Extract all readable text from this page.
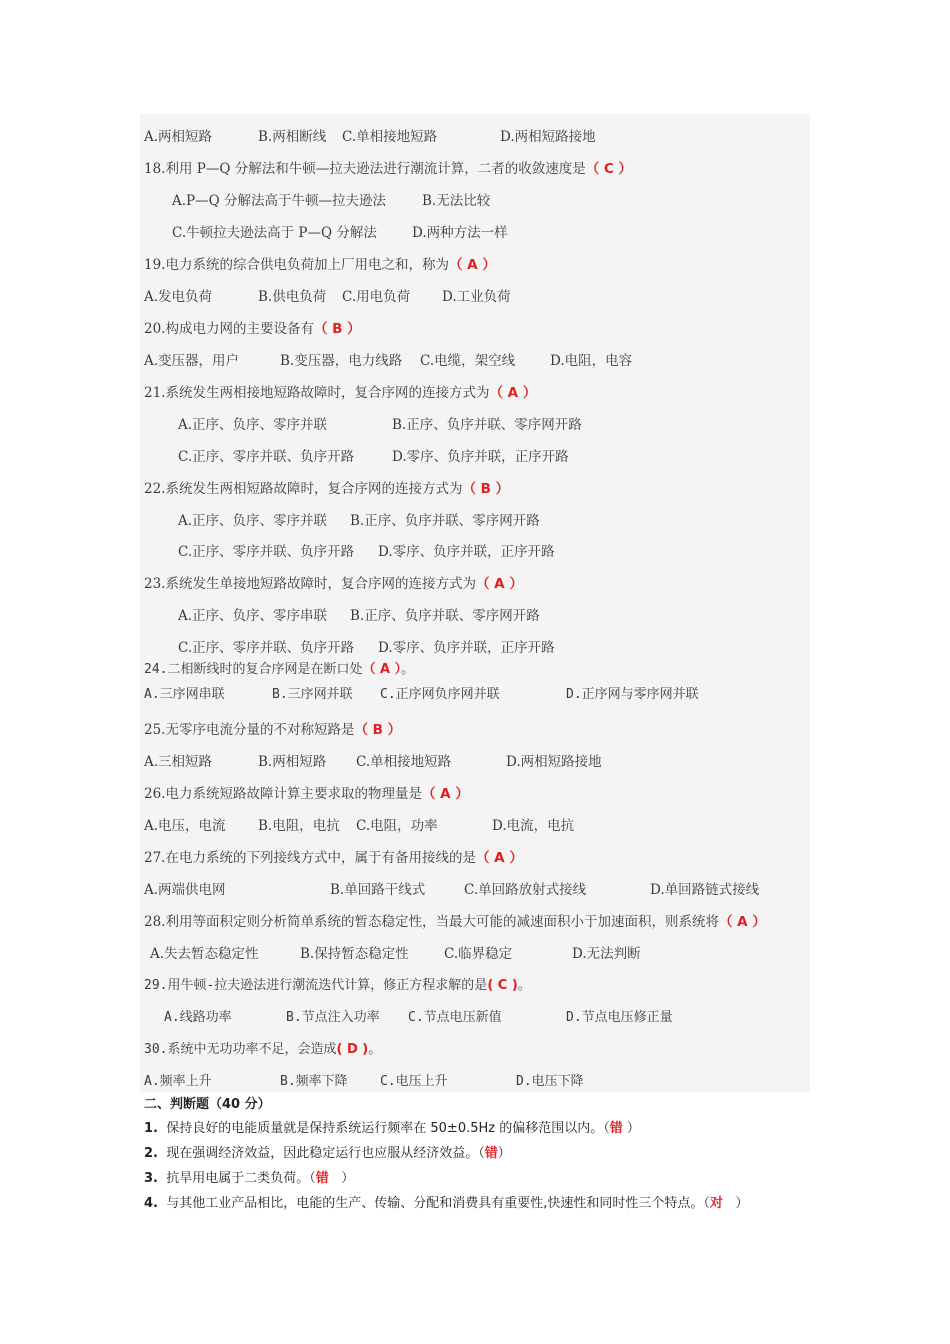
A.两相短路	B.两相断线 C.单相接地短路	D.两相短路接地
18.利用 P—Q 分解法和牛顿—拉夫逊法进行潮流计算，二者的收敛速度是（ C ）
A.P—Q 分解法高于牛顿—拉夫逊法	B.无法比较
C.牛顿拉夫逊法高于 P—Q 分解法	D.两种方法一样
19.电力系统的综合供电负荷加上厂用电之和，称为（ A ）
A.发电负荷	B.供电负荷 C.用电负荷 D.工业负荷
20.构成电力网的主要设备有（ B ）
A.变压器，用户	B.变压器，电力线路 C.电缆，架空线	D.电阻，电容
21.系统发生两相接地短路故障时，复合序网的连接方式为（ A ）
A.正序、负序、零序并联	B.正序、负序并联、零序网开路
C.正序、零序并联、负序开路	D.零序、负序并联，正序开路
22.系统发生两相短路故障时，复合序网的连接方式为（ B ）
A.正序、负序、零序并联 B.正序、负序并联、零序网开路
C.正序、零序并联、负序开路 D.零序、负序并联，正序开路
23.系统发生单接地短路故障时，复合序网的连接方式为（ A ）
A.正序、负序、零序串联 B.正序、负序并联、零序网开路
C.正序、零序并联、负序开路 D.零序、负序并联，正序开路
24.二相断线时的复合序网是在断口处（ A ）。
A.三序网串联	B.三序网并联 C.正序网负序网并联	D.正序网与零序网并联
25.无零序电流分量的不对称短路是（ B ）
A.三相短路	B.两相短路 C.单相接地短路	D.两相短路接地
26.电力系统短路故障计算主要求取的物理量是（ A ）
A.电压，电流 B.电阻，电抗 C.电阻，功率	D.电流，电抗
27.在电力系统的下列接线方式中，属于有备用接线的是（ A ）
A.两端供电网	B.单回路干线式	C.单回路放射式接线	D.单回路链式接线
28.利用等面积定则分析简单系统的暂态稳定性，当最大可能的减速面积小于加速面积，则系统将（ A ）
A.失去暂态稳定性	B.保持暂态稳定性	C.临界稳定	D.无法判断
29.用牛顿-拉夫逊法进行潮流迭代计算，修正方程求解的是( C )。
A.线路功率	B.节点注入功率 C.节点电压新值	D.节点电压修正量
30.系统中无功功率不足，会造成( D )。
A.频率上升	B.频率下降 C.电压上升	D.电压下降
二、判断题（40 分）
1. 保持良好的电能质量就是保持系统运行频率在 50±0.5Hz 的偏移范围以内。（错 ）
2. 现在强调经济效益，因此稳定运行也应服从经济效益。（错）
3. 抗旱用电属于二类负荷。（错 ）
4. 与其他工业产品相比，电能的生产、传输、分配和消费具有重要性,快速性和同时性三个特点。（对 ）
